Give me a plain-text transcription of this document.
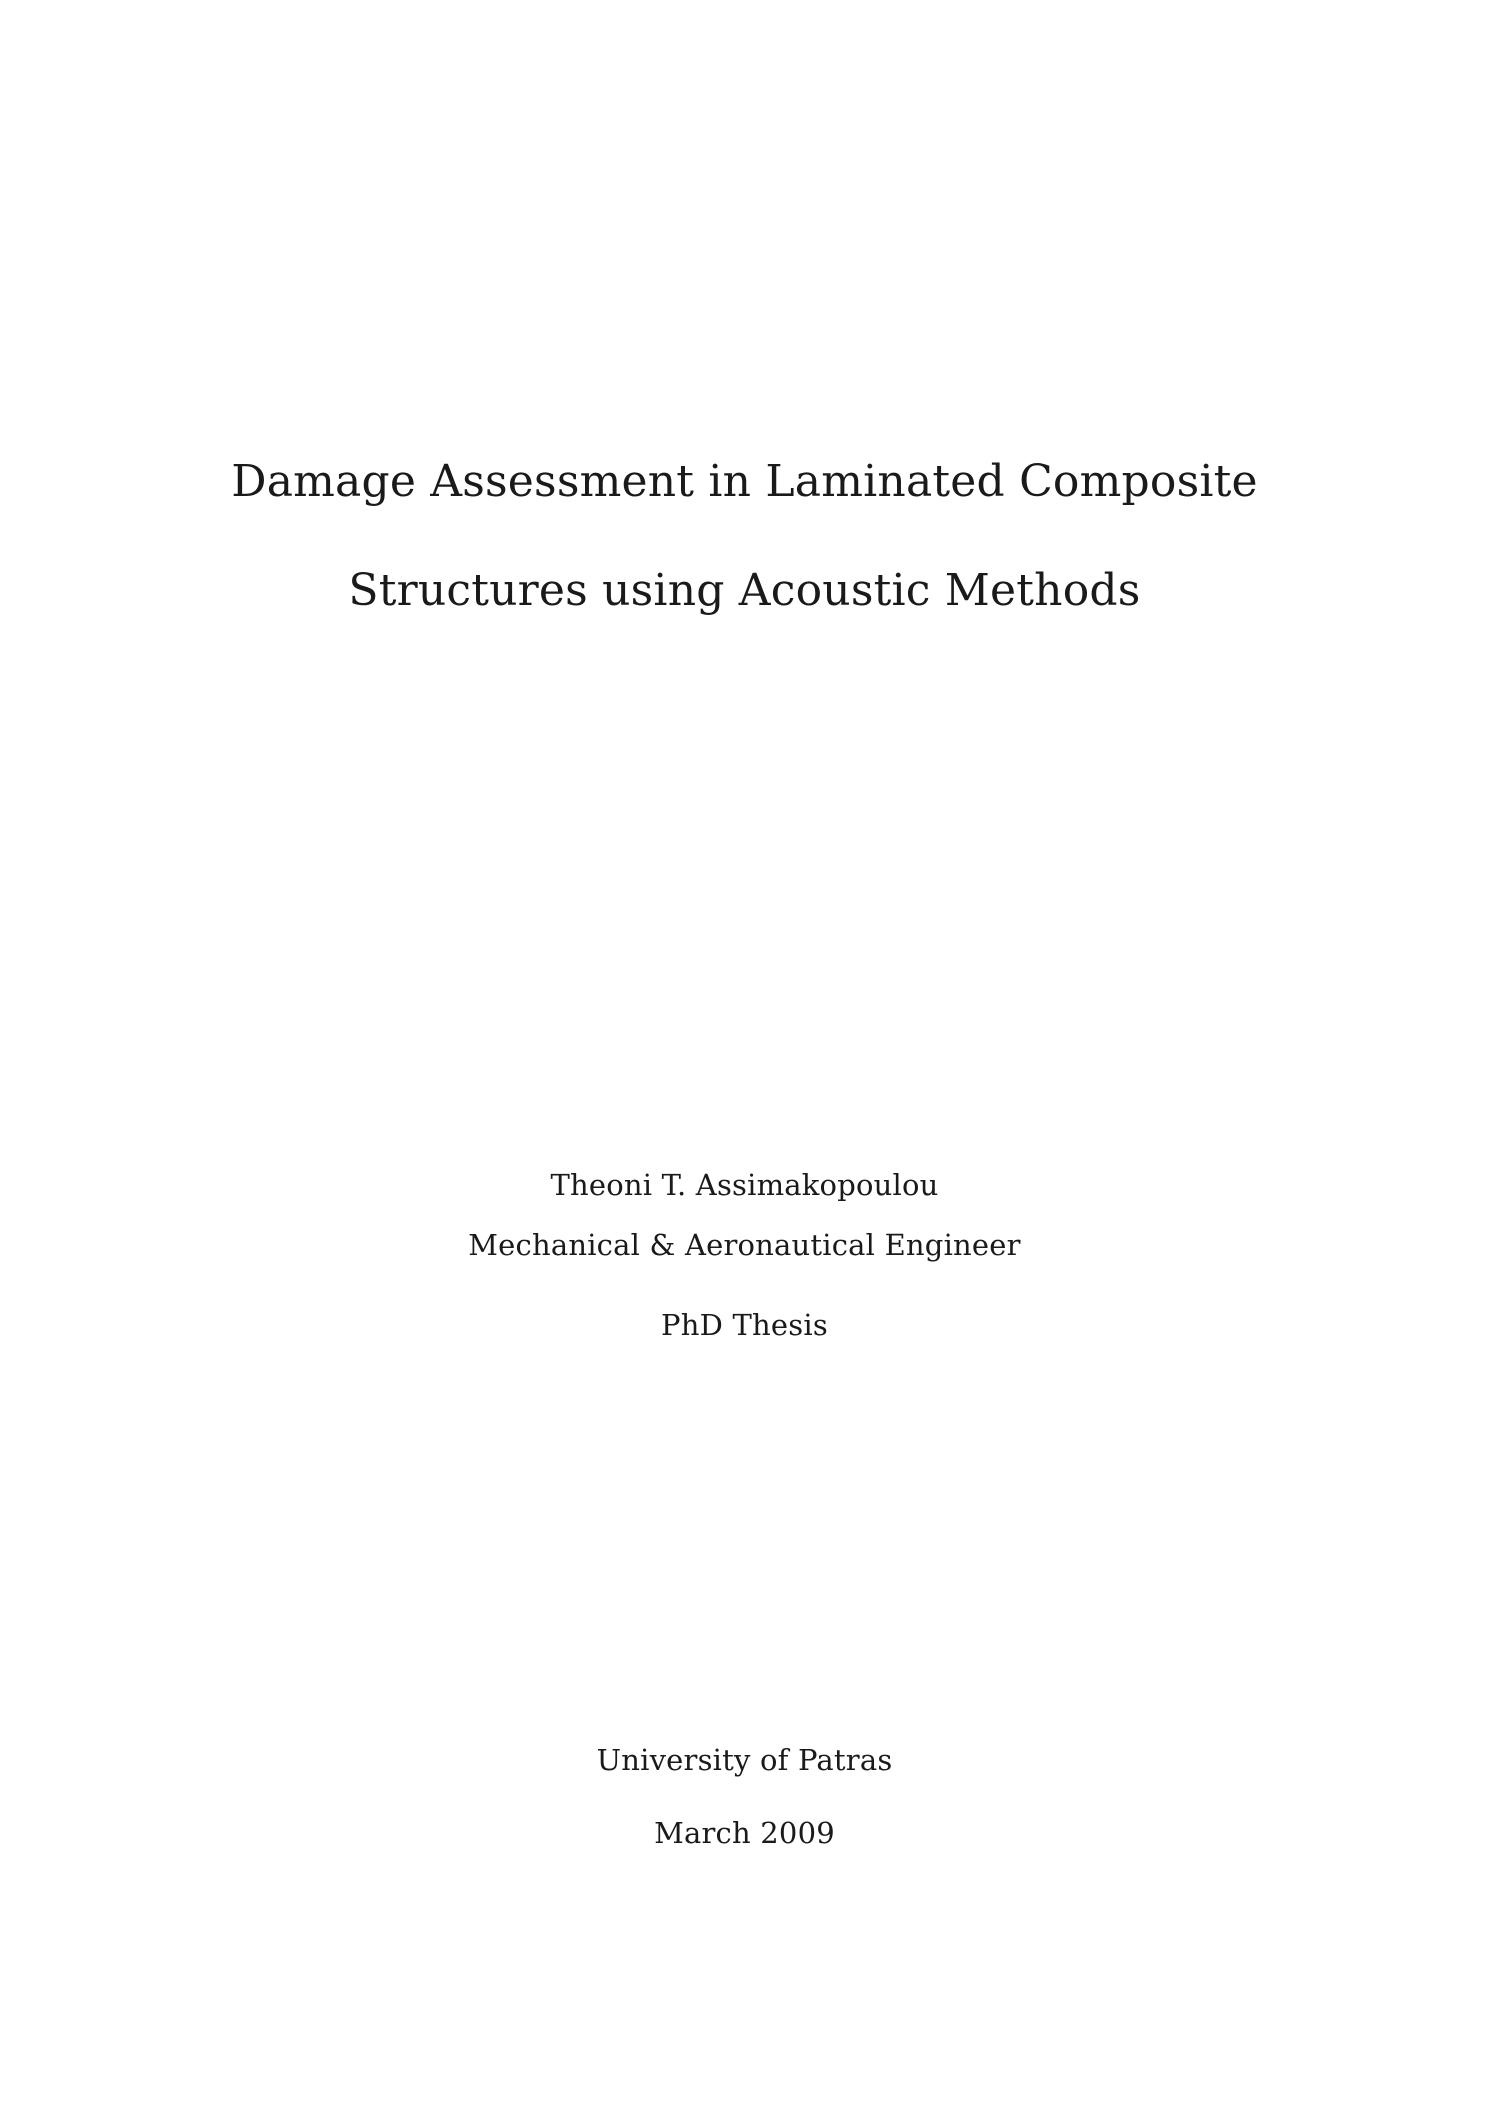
Damage Assessment in Laminated Composite
Structures using Acoustic Methods
Theoni T. Assimakopoulou
Mechanical & Aeronautical Engineer
PhD Thesis
University of Patras
March 2009
